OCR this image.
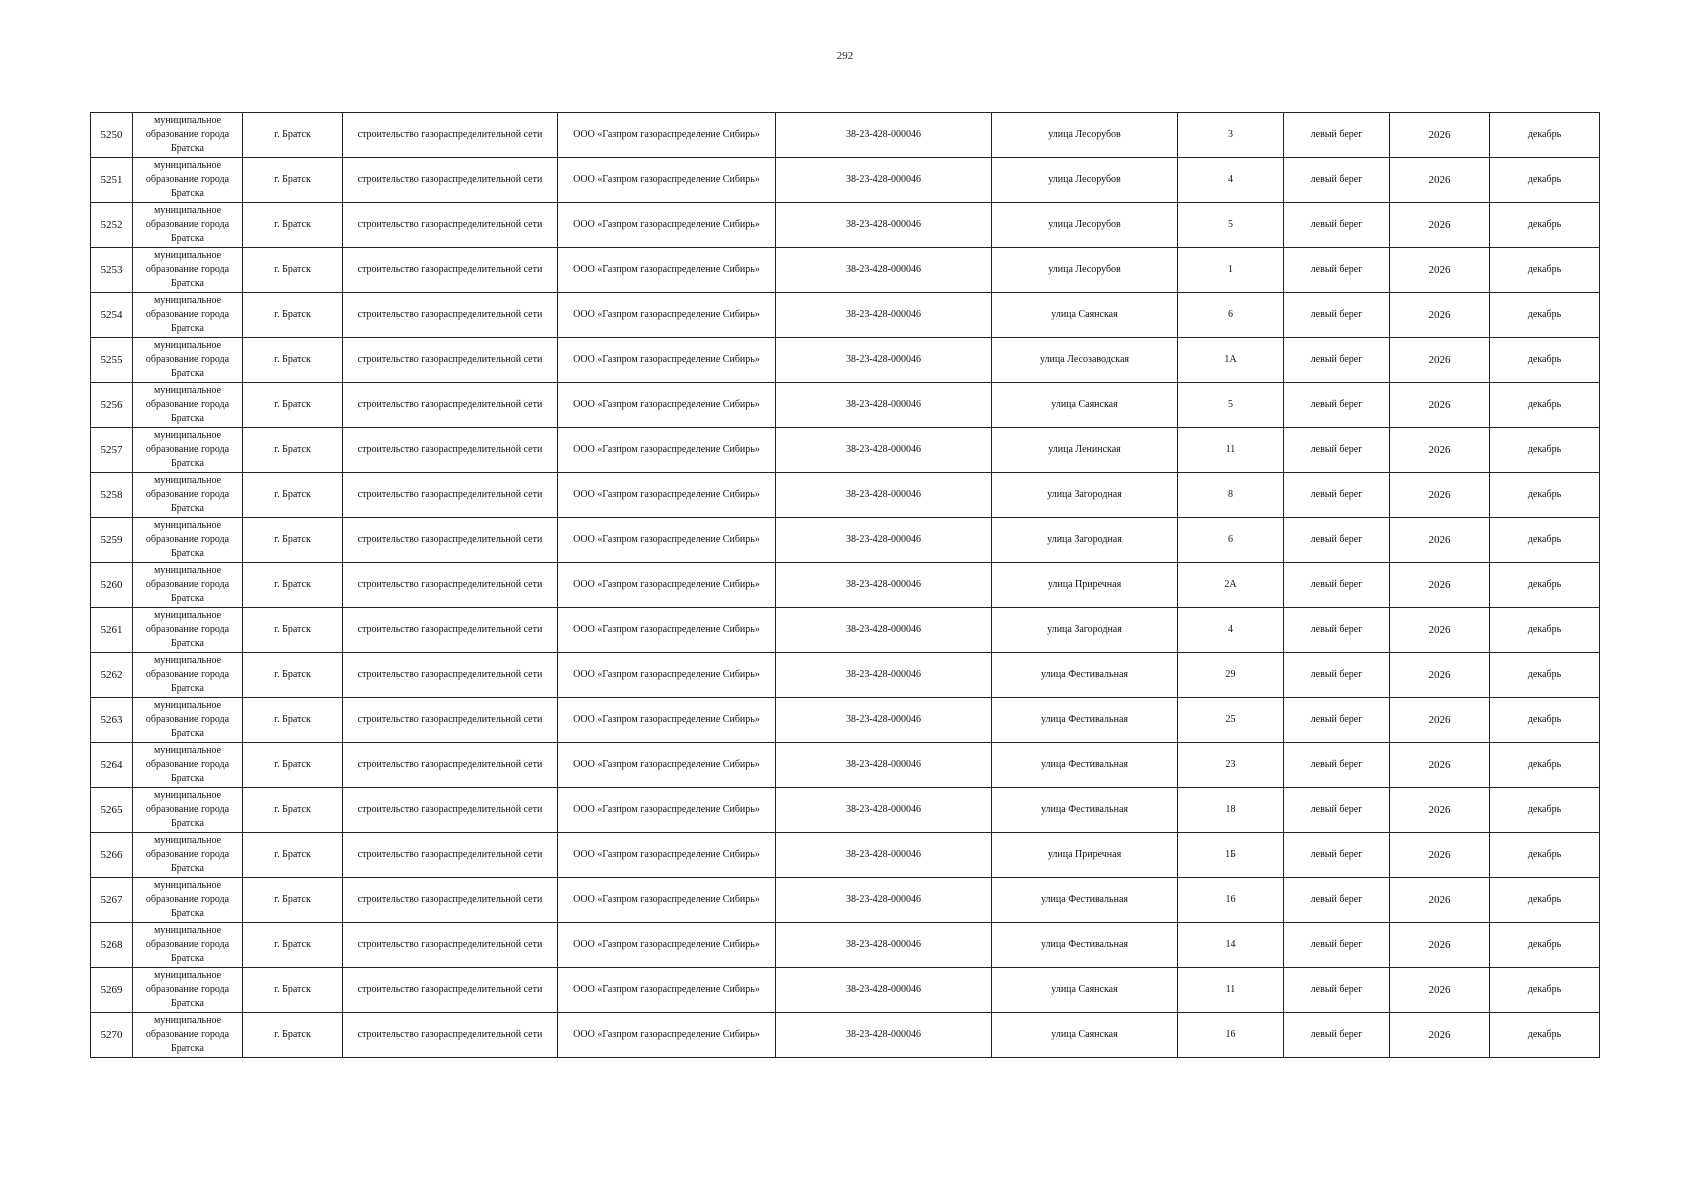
292
5250	муниципальное образование города Братска	г. Братск	строительство газораспределительной сети	ООО «Газпром газораспределение Сибирь»	38-23-428-000046	улица Лесорубов	3	левый берег	2026	декабрь
5251	муниципальное образование города Братска	г. Братск	строительство газораспределительной сети	ООО «Газпром газораспределение Сибирь»	38-23-428-000046	улица Лесорубов	4	левый берег	2026	декабрь
5252	муниципальное образование города Братска	г. Братск	строительство газораспределительной сети	ООО «Газпром газораспределение Сибирь»	38-23-428-000046	улица Лесорубов	5	левый берег	2026	декабрь
5253	муниципальное образование города Братска	г. Братск	строительство газораспределительной сети	ООО «Газпром газораспределение Сибирь»	38-23-428-000046	улица Лесорубов	1	левый берег	2026	декабрь
5254	муниципальное образование города Братска	г. Братск	строительство газораспределительной сети	ООО «Газпром газораспределение Сибирь»	38-23-428-000046	улица Саянская	6	левый берег	2026	декабрь
5255	муниципальное образование города Братска	г. Братск	строительство газораспределительной сети	ООО «Газпром газораспределение Сибирь»	38-23-428-000046	улица Лесозаводская	1А	левый берег	2026	декабрь
5256	муниципальное образование города Братска	г. Братск	строительство газораспределительной сети	ООО «Газпром газораспределение Сибирь»	38-23-428-000046	улица Саянская	5	левый берег	2026	декабрь
5257	муниципальное образование города Братска	г. Братск	строительство газораспределительной сети	ООО «Газпром газораспределение Сибирь»	38-23-428-000046	улица Ленинская	11	левый берег	2026	декабрь
5258	муниципальное образование города Братска	г. Братск	строительство газораспределительной сети	ООО «Газпром газораспределение Сибирь»	38-23-428-000046	улица Загородная	8	левый берег	2026	декабрь
5259	муниципальное образование города Братска	г. Братск	строительство газораспределительной сети	ООО «Газпром газораспределение Сибирь»	38-23-428-000046	улица Загородная	6	левый берег	2026	декабрь
5260	муниципальное образование города Братска	г. Братск	строительство газораспределительной сети	ООО «Газпром газораспределение Сибирь»	38-23-428-000046	улица Приречная	2А	левый берег	2026	декабрь
5261	муниципальное образование города Братска	г. Братск	строительство газораспределительной сети	ООО «Газпром газораспределение Сибирь»	38-23-428-000046	улица Загородная	4	левый берег	2026	декабрь
5262	муниципальное образование города Братска	г. Братск	строительство газораспределительной сети	ООО «Газпром газораспределение Сибирь»	38-23-428-000046	улица Фестивальная	29	левый берег	2026	декабрь
5263	муниципальное образование города Братска	г. Братск	строительство газораспределительной сети	ООО «Газпром газораспределение Сибирь»	38-23-428-000046	улица Фестивальная	25	левый берег	2026	декабрь
5264	муниципальное образование города Братска	г. Братск	строительство газораспределительной сети	ООО «Газпром газораспределение Сибирь»	38-23-428-000046	улица Фестивальная	23	левый берег	2026	декабрь
5265	муниципальное образование города Братска	г. Братск	строительство газораспределительной сети	ООО «Газпром газораспределение Сибирь»	38-23-428-000046	улица Фестивальная	18	левый берег	2026	декабрь
5266	муниципальное образование города Братска	г. Братск	строительство газораспределительной сети	ООО «Газпром газораспределение Сибирь»	38-23-428-000046	улица Приречная	1Б	левый берег	2026	декабрь
5267	муниципальное образование города Братска	г. Братск	строительство газораспределительной сети	ООО «Газпром газораспределение Сибирь»	38-23-428-000046	улица Фестивальная	16	левый берег	2026	декабрь
5268	муниципальное образование города Братска	г. Братск	строительство газораспределительной сети	ООО «Газпром газораспределение Сибирь»	38-23-428-000046	улица Фестивальная	14	левый берег	2026	декабрь
5269	муниципальное образование города Братска	г. Братск	строительство газораспределительной сети	ООО «Газпром газораспределение Сибирь»	38-23-428-000046	улица Саянская	11	левый берег	2026	декабрь
5270	муниципальное образование города Братска	г. Братск	строительство газораспределительной сети	ООО «Газпром газораспределение Сибирь»	38-23-428-000046	улица Саянская	16	левый берег	2026	декабрь
